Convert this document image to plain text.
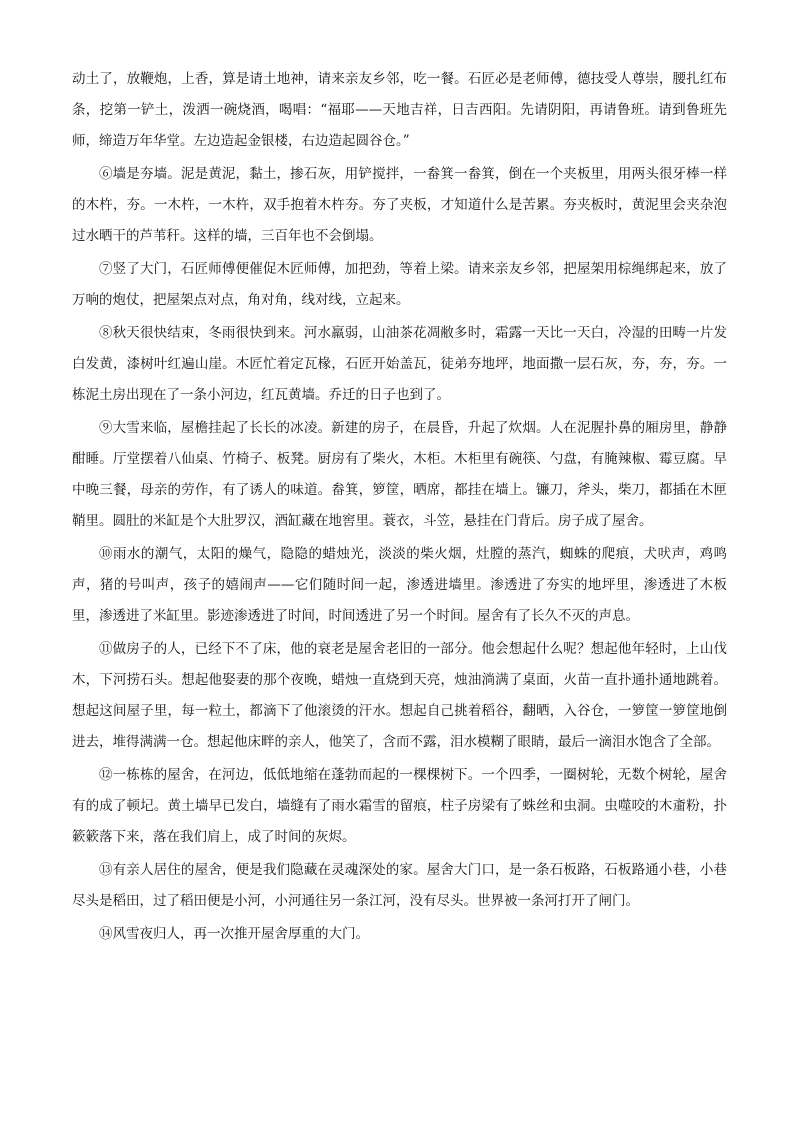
动土了，放鞭炮，上香，算是请土地神，请来亲友乡邻，吃一餐。石匠必是老师傅，德技受人尊崇，腰扎红布条，挖第一铲土，泼洒一碗烧酒，喝唱：“福耶——天地吉祥，日吉西阳。先请阴阳，再请鲁班。请到鲁班先师，缔造万年华堂。左边造起金银楼，右边造起圆谷仓。”

⑥墙是夯墙。泥是黄泥，黏土，掺石灰，用铲搅拌，一畚箕一畚箕，倒在一个夹板里，用两头很牙棒一样的木杵，夯。一木杵，一木杵，双手抱着木杵夯。夯了夹板，才知道什么是苦累。夯夹板时，黄泥里会夹杂泡过水晒干的芦苇秆。这样的墙，三百年也不会倒塌。

⑦竖了大门，石匠师傅便催促木匠师傅，加把劲，等着上梁。请来亲友乡邻，把屋架用棕绳绑起来，放了万响的炮仗，把屋架点对点，角对角，线对线，立起来。

⑧秋天很快结束，冬雨很快到来。河水羸弱，山油茶花凋敝多时，霜露一天比一天白，冷湿的田畴一片发白发黄，漆树叶红遍山崖。木匠忙着定瓦椽，石匠开始盖瓦，徒弟夯地坪，地面撒一层石灰，夯，夯，夯。一栋泥土房出现在了一条小河边，红瓦黄墙。乔迁的日子也到了。

⑨大雪来临，屋檐挂起了长长的冰凌。新建的房子，在晨昏，升起了炊烟。人在泥腥扑鼻的厢房里，静静酣睡。厅堂摆着八仙桌、竹椅子、板凳。厨房有了柴火，木柜。木柜里有碗筷、勺盘，有腌辣椒、霉豆腐。早中晚三餐，母亲的劳作，有了诱人的味道。畚箕，箩筐，晒席，都挂在墙上。镰刀，斧头，柴刀，都插在木匣鞘里。圆肚的米缸是个大肚罗汉，酒缸藏在地窖里。蓑衣，斗笠，悬挂在门背后。房子成了屋舍。

⑩雨水的潮气，太阳的燥气，隐隐的蜡烛光，淡淡的柴火烟，灶膛的蒸汽，蜘蛛的爬痕，犬吠声，鸡鸣声，猪的号叫声，孩子的嬉闹声——它们随时间一起，渗透进墙里。渗透进了夯实的地坪里，渗透进了木板里，渗透进了米缸里。影迹渗透进了时间，时间透进了另一个时间。屋舍有了长久不灭的声息。

⑪做房子的人，已经下不了床，他的衰老是屋舍老旧的一部分。他会想起什么呢？想起他年轻时，上山伐木，下河捞石头。想起他娶妻的那个夜晚，蜡烛一直烧到天亮，烛油淌满了桌面，火苗一直扑通扑通地跳着。想起这间屋子里，每一粒土，都滴下了他滚烫的汗水。想起自己挑着稻谷，翻晒，入谷仓，一箩筐一箩筐地倒进去，堆得满满一仓。想起他床畔的亲人，他笑了，含而不露，泪水模糊了眼睛，最后一滴泪水饱含了全部。

⑫一栋栋的屋舍，在河边，低低地缩在蓬勃而起的一棵棵树下。一个四季，一圈树轮，无数个树轮，屋舍有的成了顿圮。黄土墙早已发白，墙缝有了雨水霜雪的留痕，柱子房梁有了蛛丝和虫洞。虫噬咬的木齑粉，扑簌簌落下来，落在我们肩上，成了时间的灰烬。

⑬有亲人居住的屋舍，便是我们隐藏在灵魂深处的家。屋舍大门口，是一条石板路，石板路通小巷，小巷尽头是稻田，过了稻田便是小河，小河通往另一条江河，没有尽头。世界被一条河打开了闸门。

⑭风雪夜归人，再一次推开屋舍厚重的大门。
